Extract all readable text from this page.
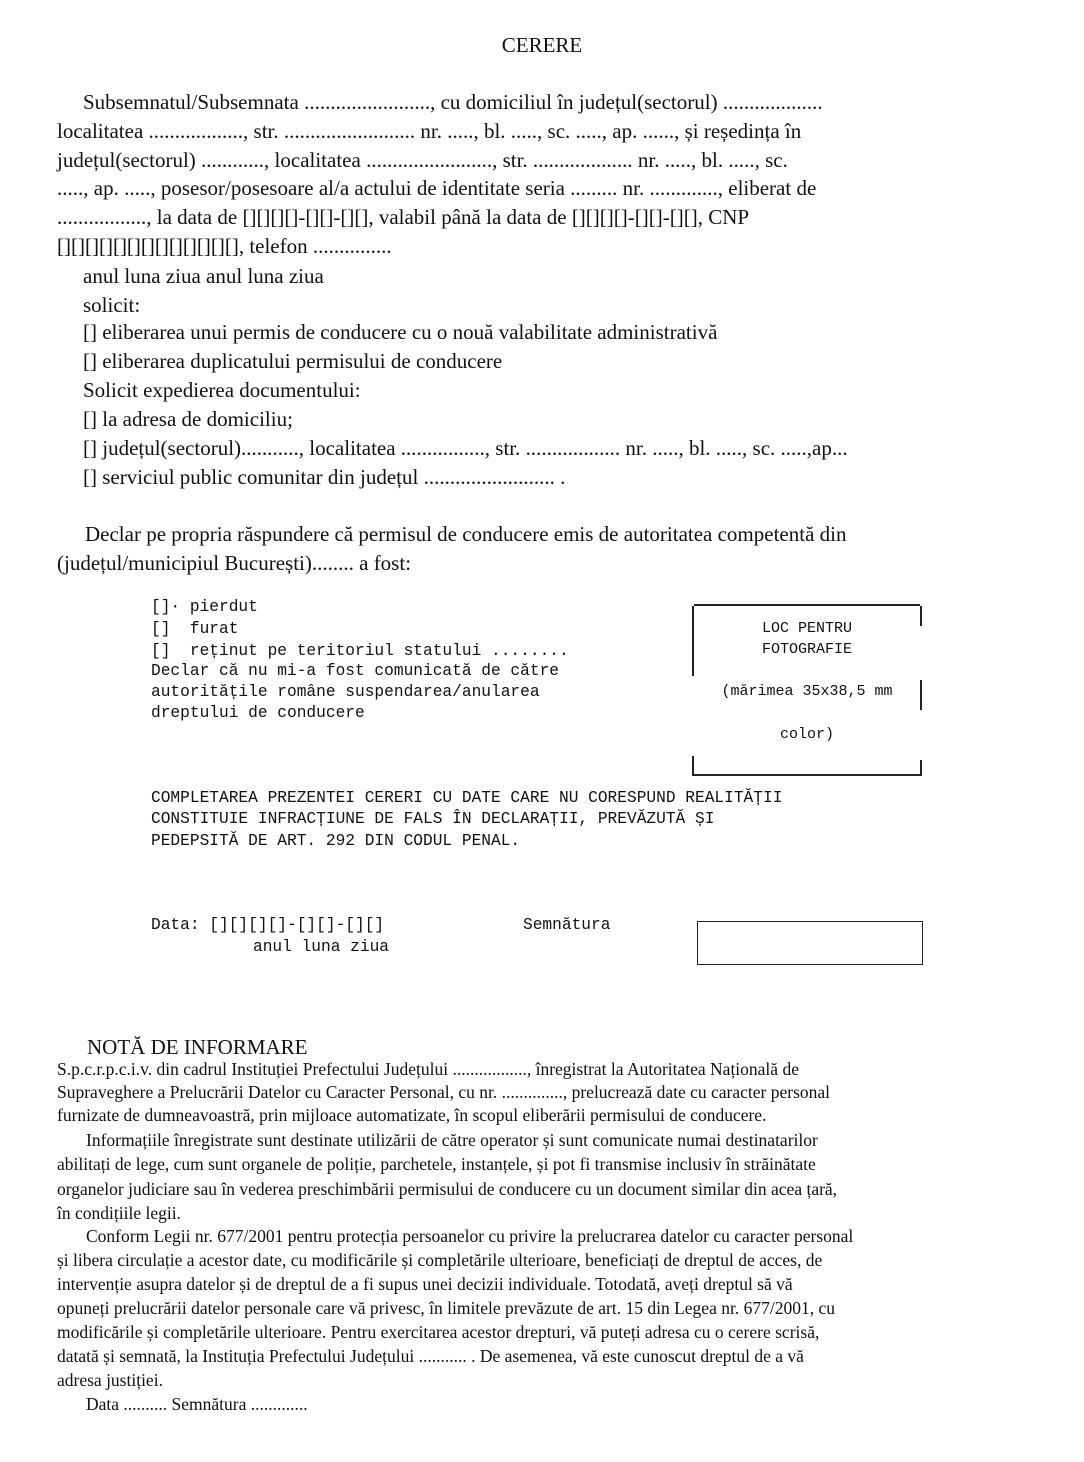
CERERE
Subsemnatul/Subsemnata ........................, cu domiciliul în județul(sectorul) ...................
localitatea .................., str. ......................... nr. ....., bl. ....., sc. ....., ap. ......, și reședința în
județul(sectorul) ............, localitatea ........................, str. ................... nr. ....., bl. ....., sc.
....., ap. ....., posesor/posesoare al/a actului de identitate seria ......... nr. ............., eliberat de
................., la data de [][][][]-[][]-[][], valabil până la data de [][][][]-[][]-[][], CNP
[][][][][][][][][][][][][], telefon ...............
anul luna ziua anul luna ziua
solicit:
[] eliberarea unui permis de conducere cu o nouă valabilitate administrativă
[] eliberarea duplicatului permisului de conducere
Solicit expedierea documentului:
[] la adresa de domiciliu;
[] județul(sectorul)..........., localitatea ................, str. .................. nr. ....., bl. ....., sc. .....,ap...
[] serviciul public comunitar din județul ......................... .
Declar pe propria răspundere că permisul de conducere emis de autoritatea competentă din
(județul/municipiul București)........ a fost:
[]· pierdut
[]  furat
[]  reținut pe teritoriul statului ........
Declar că nu mi-a fost comunicată de către
autoritățile române suspendarea/anularea
dreptului de conducere
LOC PENTRU
FOTOGRAFIE
(mărimea 35x38,5 mm
color)
COMPLETAREA PREZENTEI CERERI CU DATE CARE NU CORESPUND REALITĂȚII
CONSTITUIE INFRACȚIUNE DE FALS ÎN DECLARAȚII, PREVĂZUTĂ ȘI
PEDEPSITĂ DE ART. 292 DIN CODUL PENAL.
Data: [][][][]-[][]-[][]
anul luna ziua
Semnătura
NOTĂ DE INFORMARE
S.p.c.r.p.c.i.v. din cadrul Instituției Prefectului Județului ................., înregistrat la Autoritatea Națională de
Supraveghere a Prelucrării Datelor cu Caracter Personal, cu nr. .............., prelucrează date cu caracter personal
furnizate de dumneavoastră, prin mijloace automatizate, în scopul eliberării permisului de conducere.
Informațiile înregistrate sunt destinate utilizării de către operator și sunt comunicate numai destinatarilor
abilitați de lege, cum sunt organele de poliție, parchetele, instanțele, și pot fi transmise inclusiv în străinătate
organelor judiciare sau în vederea preschimbării permisului de conducere cu un document similar din acea țară,
în condițiile legii.
Conform Legii nr. 677/2001 pentru protecția persoanelor cu privire la prelucrarea datelor cu caracter personal
și libera circulație a acestor date, cu modificările și completările ulterioare, beneficiați de dreptul de acces, de
intervenție asupra datelor și de dreptul de a fi supus unei decizii individuale. Totodată, aveți dreptul să vă
opuneți prelucrării datelor personale care vă privesc, în limitele prevăzute de art. 15 din Legea nr. 677/2001, cu
modificările și completările ulterioare. Pentru exercitarea acestor drepturi, vă puteți adresa cu o cerere scrisă,
datată și semnată, la Instituția Prefectului Județului ........... . De asemenea, vă este cunoscut dreptul de a vă
adresa justiției.
Data .......... Semnătura .............
